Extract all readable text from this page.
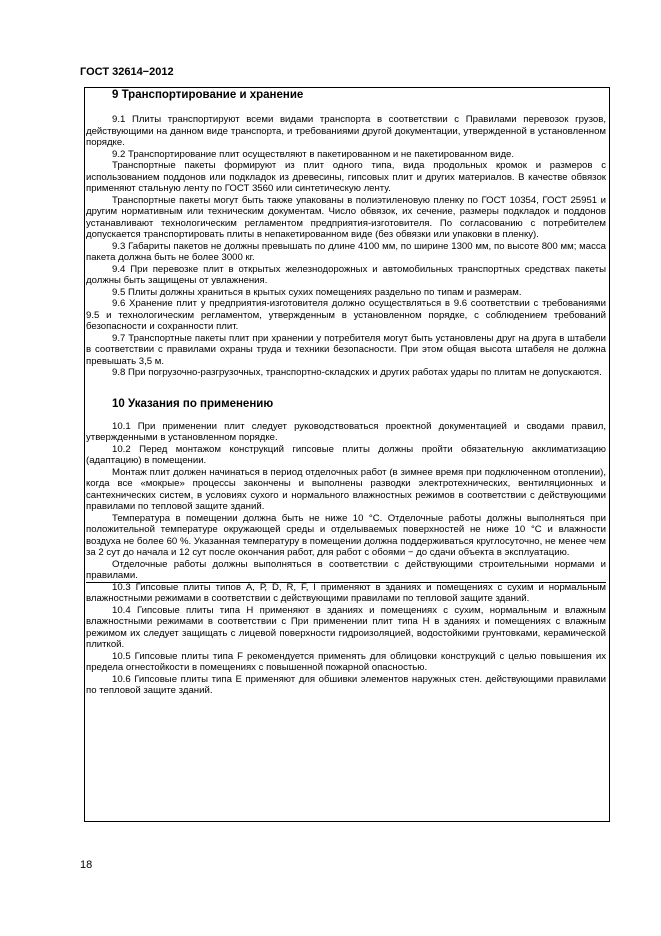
ГОСТ 32614−2012
9 Транспортирование и хранение

9.1 Плиты транспортируют всеми видами транспорта в соответствии с Правилами перевозок грузов, действующими на данном виде транспорта, и требованиями другой документации, утвержденной в установленном порядке.

9.2 Транспортирование плит осуществляют в пакетированном и не пакетированном виде.

Транспортные пакеты формируют из плит одного типа, вида продольных кромок и размеров с использованием поддонов или подкладок из древесины, гипсовых плит и других материалов. В качестве обвязок применяют стальную ленту по ГОСТ 3560 или синтетическую ленту.

Транспортные пакеты могут быть также упакованы в полиэтиленовую пленку по ГОСТ 10354, ГОСТ 25951 и другим нормативным или техническим документам. Число обвязок, их сечение, размеры подкладок и поддонов устанавливают технологическим регламентом предприятия-изготовителя. По согласованию с потребителем допускается транспортировать плиты в непакетированном виде (без обвязки или упаковки в пленку).

9.3 Габариты пакетов не должны превышать по длине 4100 мм, по ширине 1300 мм, по высоте 800 мм; масса пакета должна быть не более 3000 кг.

9.4 При перевозке плит в открытых железнодорожных и автомобильных транспортных средствах пакеты должны быть защищены от увлажнения.

9.5 Плиты должны храниться в крытых сухих помещениях раздельно по типам и размерам.

9.6 Хранение плит у предприятия-изготовителя должно осуществляться в 9.6 соответствии с требованиями 9.5 и технологическим регламентом, утвержденным в установленном порядке, с соблюдением требований безопасности и сохранности плит.

9.7 Транспортные пакеты плит при хранении у потребителя могут быть установлены друг на друга в штабели в соответствии с правилами охраны труда и техники безопасности. При этом общая высота штабеля не должна превышать 3,5 м.

9.8 При погрузочно-разгрузочных, транспортно-складских и других работах удары по плитам не допускаются.

10 Указания по применению

10.1 При применении плит следует руководствоваться проектной документацией и сводами правил, утвержденными в установленном порядке.

10.2 Перед монтажом конструкций гипсовые плиты должны пройти обязательную акклиматизацию (адаптацию) в помещении.

Монтаж плит должен начинаться в период отделочных работ (в зимнее время при подключенном отоплении), когда все «мокрые» процессы закончены и выполнены разводки электротехнических, вентиляционных и сантехнических систем, в условиях сухого и нормального влажностных режимов в соответствии с действующими правилами по тепловой защите зданий.

Температура в помещении должна быть не ниже 10 °С. Отделочные работы должны выполняться при положительной температуре окружающей среды и отделываемых поверхностей не ниже 10 °С и влажности воздуха не более 60 %. Указанная температуру в помещении должна поддерживаться круглосуточно, не менее чем за 2 сут до начала и 12 сут после окончания работ, для работ с обоями − до сдачи объекта в эксплуатацию.

Отделочные работы должны выполняться в соответствии с действующими строительными нормами и правилами.

10.3 Гипсовые плиты типов А, Р, D, R, F, I применяют в зданиях и помещениях с сухим и нормальным влажностными режимами в соответствии с действующими правилами по тепловой защите зданий.

10.4 Гипсовые плиты типа Н применяют в зданиях и помещениях с сухим, нормальным и влажным влажностными режимами в соответствии с При применении плит типа Н в зданиях и помещениях с влажным режимом их следует защищать с лицевой поверхности гидроизоляцией, водостойкими грунтовками, керамической плиткой.

10.5 Гипсовые плиты типа F рекомендуется применять для облицовки конструкций с целью повышения их предела огнестойкости в помещениях с повышенной пожарной опасностью.

10.6 Гипсовые плиты типа Е применяют для обшивки элементов наружных стен. действующими правилами по тепловой защите зданий.

18
